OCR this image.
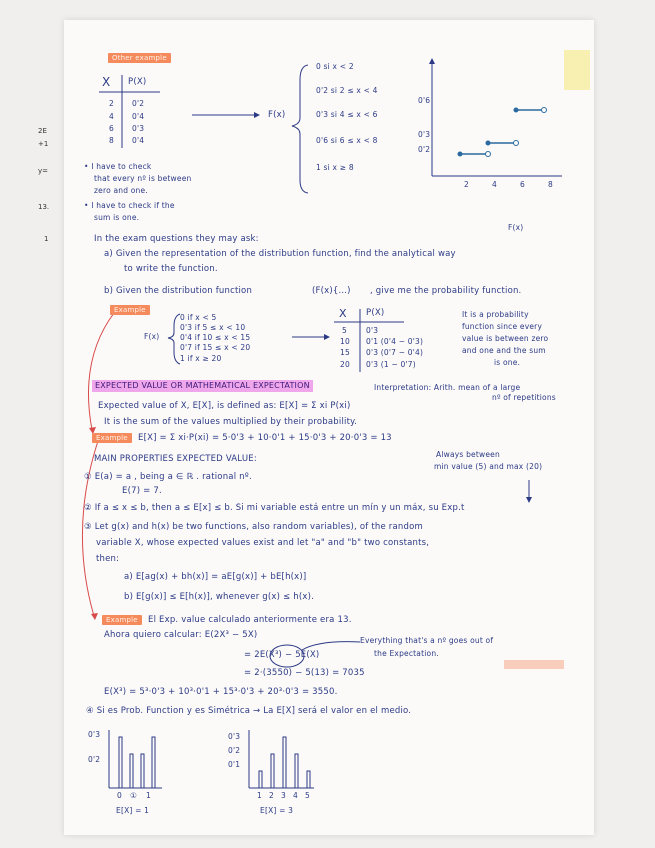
Other example
X P(X)
2 0'2
4 0'4
6 0'3
8 0'4
F(x)
0 si x < 2
0'2 si 2 ≤ x < 4
0'3 si 4 ≤ x < 6
0'6 si 6 ≤ x < 8
1 si x ≥ 8
• I have to check
that every nº is between
zero and one.
• I have to check if the
sum is one.
0'6
0'3
0'2
2	4	6	8
F(x)
In the exam questions they may ask:
a) Given the representation of the distribution function, find the analytical way
to write the function.
b) Given the distribution function	(F(x){...) , give me the probability function.
Example
F(x)
0 if x < 5
0'3 if 5 ≤ x < 10
0'4 if 10 ≤ x < 15
0'7 if 15 ≤ x < 20
1 if x ≥ 20
X P(X)
5	0'3
10 0'1 (0'4 − 0'3)
15 0'3 (0'7 − 0'4)
20 0'3 (1 − 0'7)
It is a probability
function since every
value is between zero
and one and the sum
is one.
EXPECTED VALUE OR MATHEMATICAL EXPECTATION	Interpretation: Arith. mean of a large
nº of repetitions
Expected value of X, E[X], is defined as: E[X] = Σ xi P(xi)
It is the sum of the values multiplied by their probability.
Example	E[X] = Σ xi·P(xi) = 5·0'3 + 10·0'1 + 15·0'3 + 20·0'3 = 13
Always between
min value (5) and max (20)
MAIN PROPERTIES EXPECTED VALUE:
① E(a) = a , being a ∈ ℝ . rational nº.
E(7) = 7.
② If a ≤ x ≤ b, then a ≤ E[x] ≤ b. Si mi variable está entre un mín y un máx, su Exp.t
③ Let g(x) and h(x) be two functions, also random variables), of the random
variable X, whose expected values exist and let "a" and "b" two constants,
then:
a) E[ag(x) + bh(x)] = aE[g(x)] + bE[h(x)]
b) E[g(x)] ≤ E[h(x)], whenever g(x) ≤ h(x).
Example	El Exp. value calculado anteriormente era 13.
Ahora quiero calcular: E(2X³ − 5X)
= 2E(X³) − 5E(X)
Everything that's a nº goes out of
the Expectation.
= 2·(3550) − 5(13) = 7035
E(X³) = 5³·0'3 + 10³·0'1 + 15³·0'3 + 20³·0'3 = 3550.
④ Si es Prob. Function y es Simétrica → La E[X] será el valor en el medio.
0'3
0'2
0 ① 1
E[X] = 1
0'3
0'2
0'1
1 2 3 4 5
E[X] = 3
2E
+1
y=
13.
1
